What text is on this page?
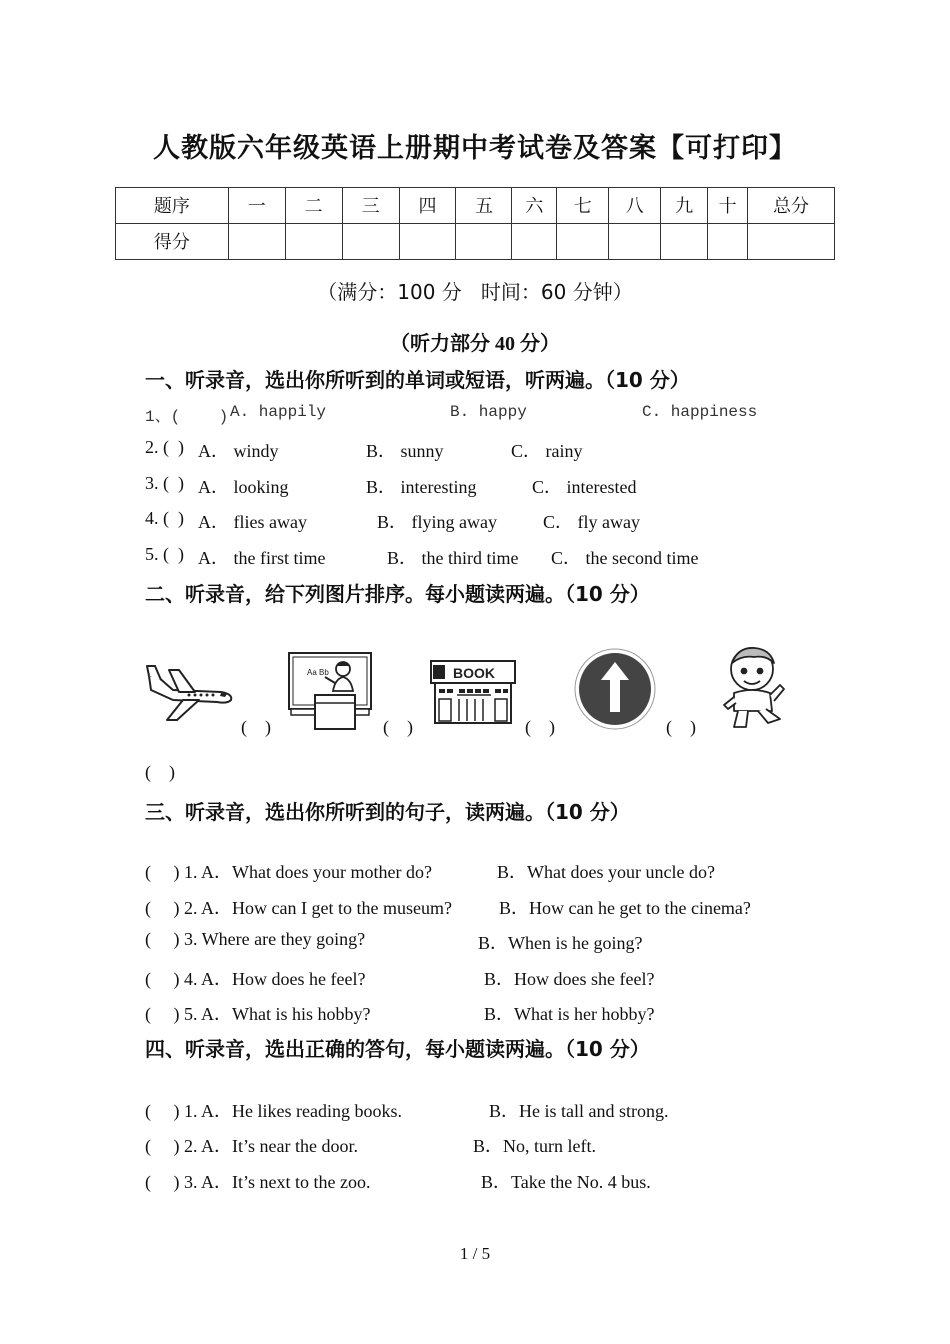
人教版六年级英语上册期中考试卷及答案【可打印】
题序	一	二	三	四	五	六	七	八	九	十	总分
得分											
（满分：100 分   时间：60 分钟）
（听力部分 40 分）
一、听录音，选出你所听到的单词或短语，听两遍。（10 分）
1、(    ) A. happily	B. happy	C. happiness
2. (  ) A． windy	B． sunny	C． rainy
3. (  ) A． looking	B． interesting	C． interested
4. (  ) A． flies away	B． flying away	C． fly away
5. (  ) A． the first time	B． the third time C． the second time
二、听录音，给下列图片排序。每小题读两遍。（10 分）
Aa Bb	BOOK
(    )	(    )	(    )	(    )
(    )
三、听录音，选出你所听到的句子，读两遍。（10 分）
(     ) 1. A．What does your mother do?	B．What does your uncle do?
(     ) 2. A．How can I get to the museum?	B．How can he get to the cinema?
(     ) 3. Where are they going?	B．When is he going?
(     ) 4. A．How does he feel?	B．How does she feel?
(     ) 5. A．What is his hobby?	B．What is her hobby?
四、听录音，选出正确的答句，每小题读两遍。（10 分）
(     ) 1. A．He likes reading books.	B．He is tall and strong.
(     ) 2. A．It’s near the door.	B．No, turn left.
(     ) 3. A．It’s next to the zoo.	B．Take the No. 4 bus.
1 / 5
